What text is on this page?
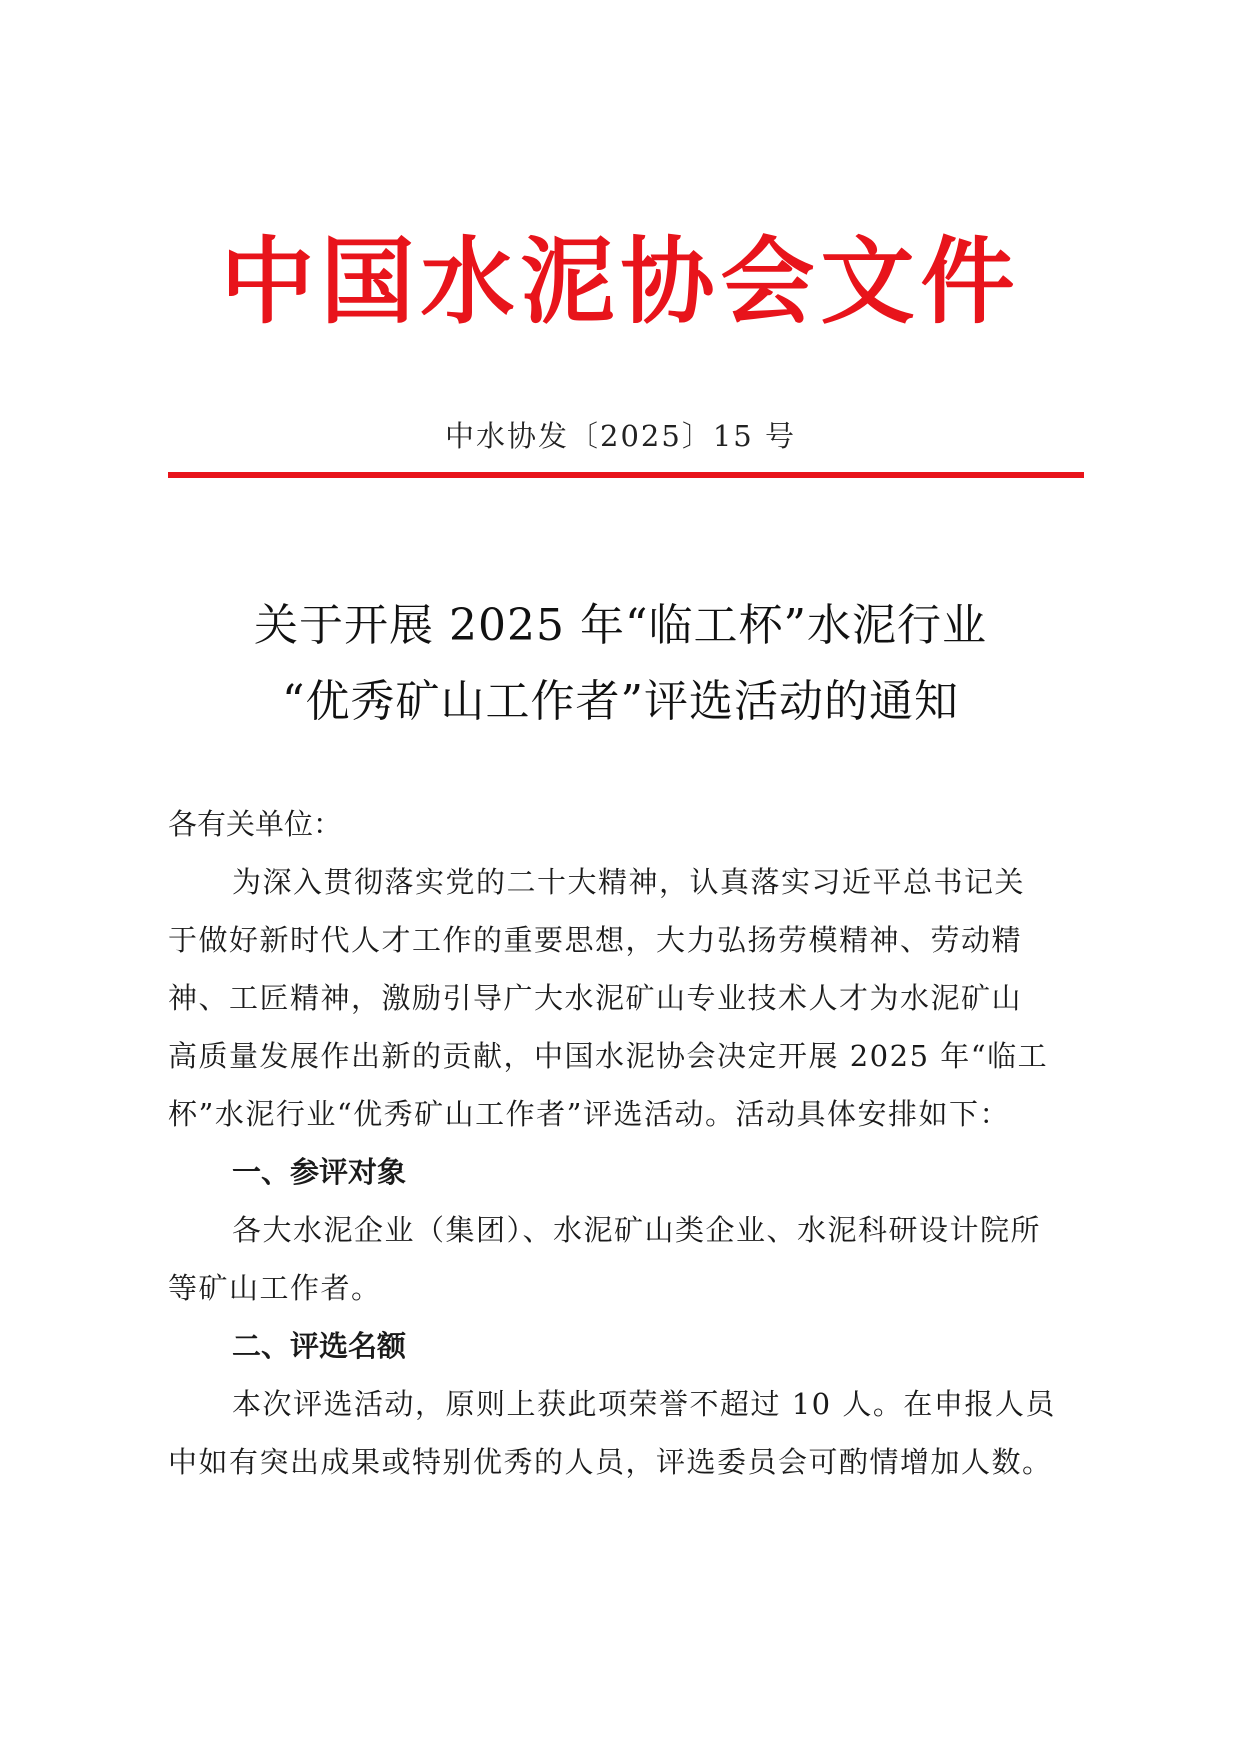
中国水泥协会文件
中水协发〔2025〕15 号
关于开展 2025 年“临工杯”水泥行业
“优秀矿山工作者”评选活动的通知
各有关单位：
为深入贯彻落实党的二十大精神，认真落实习近平总书记关
于做好新时代人才工作的重要思想，大力弘扬劳模精神、劳动精
神、工匠精神，激励引导广大水泥矿山专业技术人才为水泥矿山
高质量发展作出新的贡献，中国水泥协会决定开展 2025 年“临工
杯”水泥行业“优秀矿山工作者”评选活动。活动具体安排如下：
一、参评对象
各大水泥企业（集团）、水泥矿山类企业、水泥科研设计院所
等矿山工作者。
二、评选名额
本次评选活动，原则上获此项荣誉不超过 10 人。在申报人员
中如有突出成果或特别优秀的人员，评选委员会可酌情增加人数。
